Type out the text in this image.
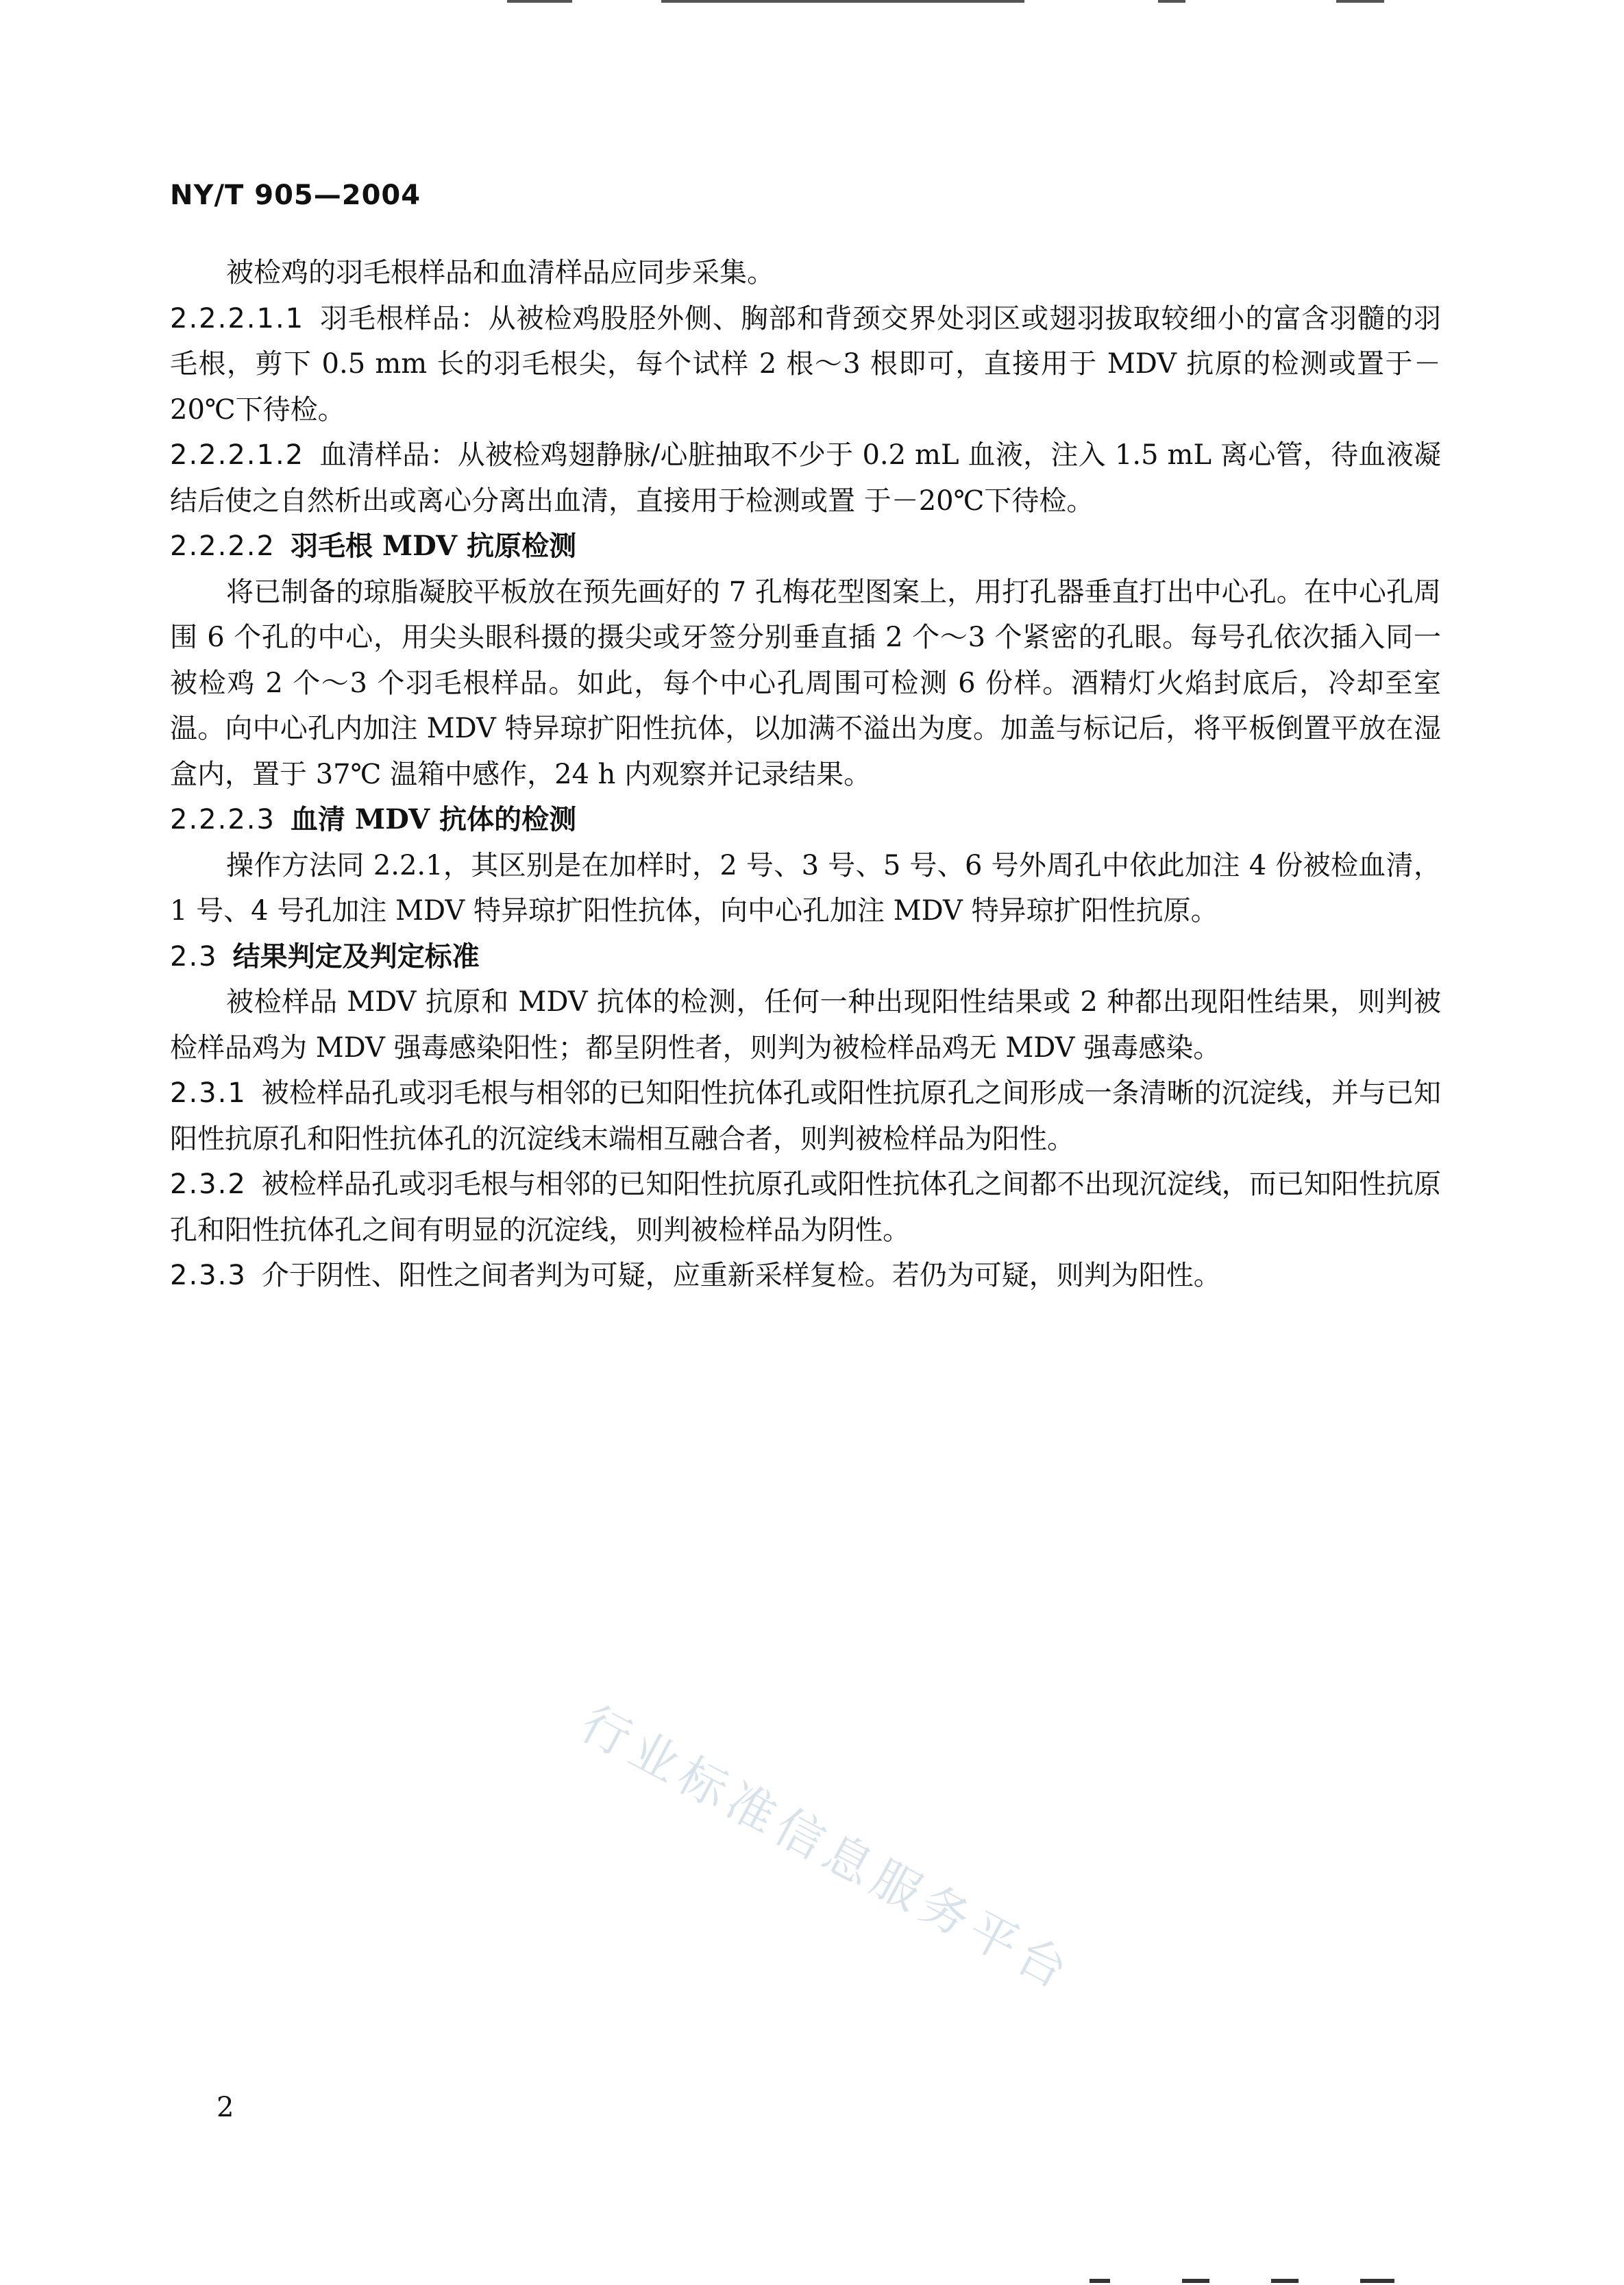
NY/T 905—2004

被检鸡的羽毛根样品和血清样品应同步采集。

2.2.2.1.1 羽毛根样品：从被检鸡股胫外侧、胸部和背颈交界处羽区或翅羽拔取较细小的富含羽髓的羽毛根，剪下 0.5 mm 长的羽毛根尖，每个试样 2 根～3 根即可，直接用于 MDV 抗原的检测或置于－20℃下待检。

2.2.2.1.2 血清样品：从被检鸡翅静脉/心脏抽取不少于 0.2 mL 血液，注入 1.5 mL 离心管，待血液凝结后使之自然析出或离心分离出血清，直接用于检测或置 于－20℃下待检。

2.2.2.2 羽毛根 MDV 抗原检测

将已制备的琼脂凝胶平板放在预先画好的 7 孔梅花型图案上，用打孔器垂直打出中心孔。在中心孔周围 6 个孔的中心，用尖头眼科摄的摄尖或牙签分别垂直插 2 个～3 个紧密的孔眼。每号孔依次插入同一被检鸡 2 个～3 个羽毛根样品。如此，每个中心孔周围可检测 6 份样。酒精灯火焰封底后，冷却至室温。向中心孔内加注 MDV 特异琼扩阳性抗体，以加满不溢出为度。加盖与标记后，将平板倒置平放在湿盒内，置于 37℃ 温箱中感作，24 h 内观察并记录结果。

2.2.2.3 血清 MDV 抗体的检测

操作方法同 2.2.1，其区别是在加样时，2 号、3 号、5 号、6 号外周孔中依此加注 4 份被检血清，1 号、4 号孔加注 MDV 特异琼扩阳性抗体，向中心孔加注 MDV 特异琼扩阳性抗原。

2.3 结果判定及判定标准

被检样品 MDV 抗原和 MDV 抗体的检测，任何一种出现阳性结果或 2 种都出现阳性结果，则判被检样品鸡为 MDV 强毒感染阳性；都呈阴性者，则判为被检样品鸡无 MDV 强毒感染。

2.3.1 被检样品孔或羽毛根与相邻的已知阳性抗体孔或阳性抗原孔之间形成一条清晰的沉淀线，并与已知阳性抗原孔和阳性抗体孔的沉淀线末端相互融合者，则判被检样品为阳性。

2.3.2 被检样品孔或羽毛根与相邻的已知阳性抗原孔或阳性抗体孔之间都不出现沉淀线，而已知阳性抗原孔和阳性抗体孔之间有明显的沉淀线，则判被检样品为阴性。

2.3.3 介于阴性、阳性之间者判为可疑，应重新采样复检。若仍为可疑，则判为阳性。

行业标准信息服务平台
2
